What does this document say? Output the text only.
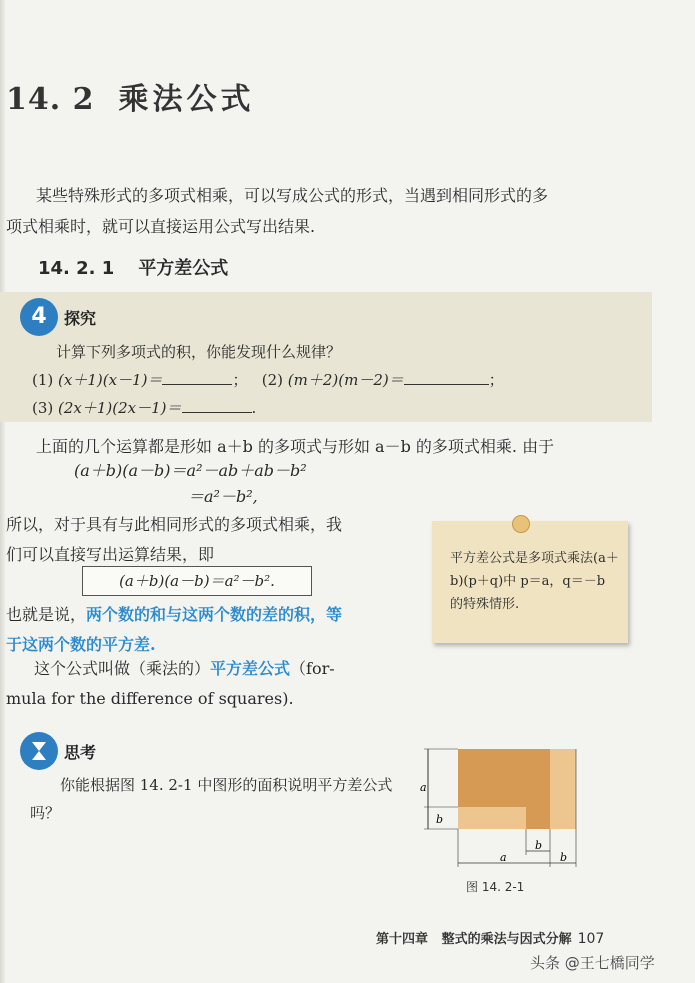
14. 2 乘法公式
某些特殊形式的多项式相乘，可以写成公式的形式，当遇到相同形式的多
项式相乘时，就可以直接运用公式写出结果.
14. 2. 1 平方差公式
4	探究
计算下列多项式的积，你能发现什么规律？
(1) (x＋1)(x－1)＝	；   (2) (m＋2)(m－2)＝	；
(3) (2x＋1)(2x－1)＝	.
上面的几个运算都是形如 a＋b 的多项式与形如 a－b 的多项式相乘. 由于
(a＋b)(a－b)＝a²－ab＋ab－b²
＝a²－b²,
所以，对于具有与此相同形式的多项式相乘，我
们可以直接写出运算结果，即
(a＋b)(a－b)＝a²－b².
也就是说，两个数的和与这两个数的差的积，等
于这两个数的平方差.
这个公式叫做（乘法的）平方差公式（for-
mula for the difference of squares).
平方差公式是多项式乘法(a＋b)(p＋q)中 p＝a，q＝－b 的特殊情形.
思考
你能根据图 14. 2-1 中图形的面积说明平方差公式吗？
a
b
b
a	b
图 14. 2-1
第十四章 整式的乘法与因式分解 107
头条 @王七橋同学
